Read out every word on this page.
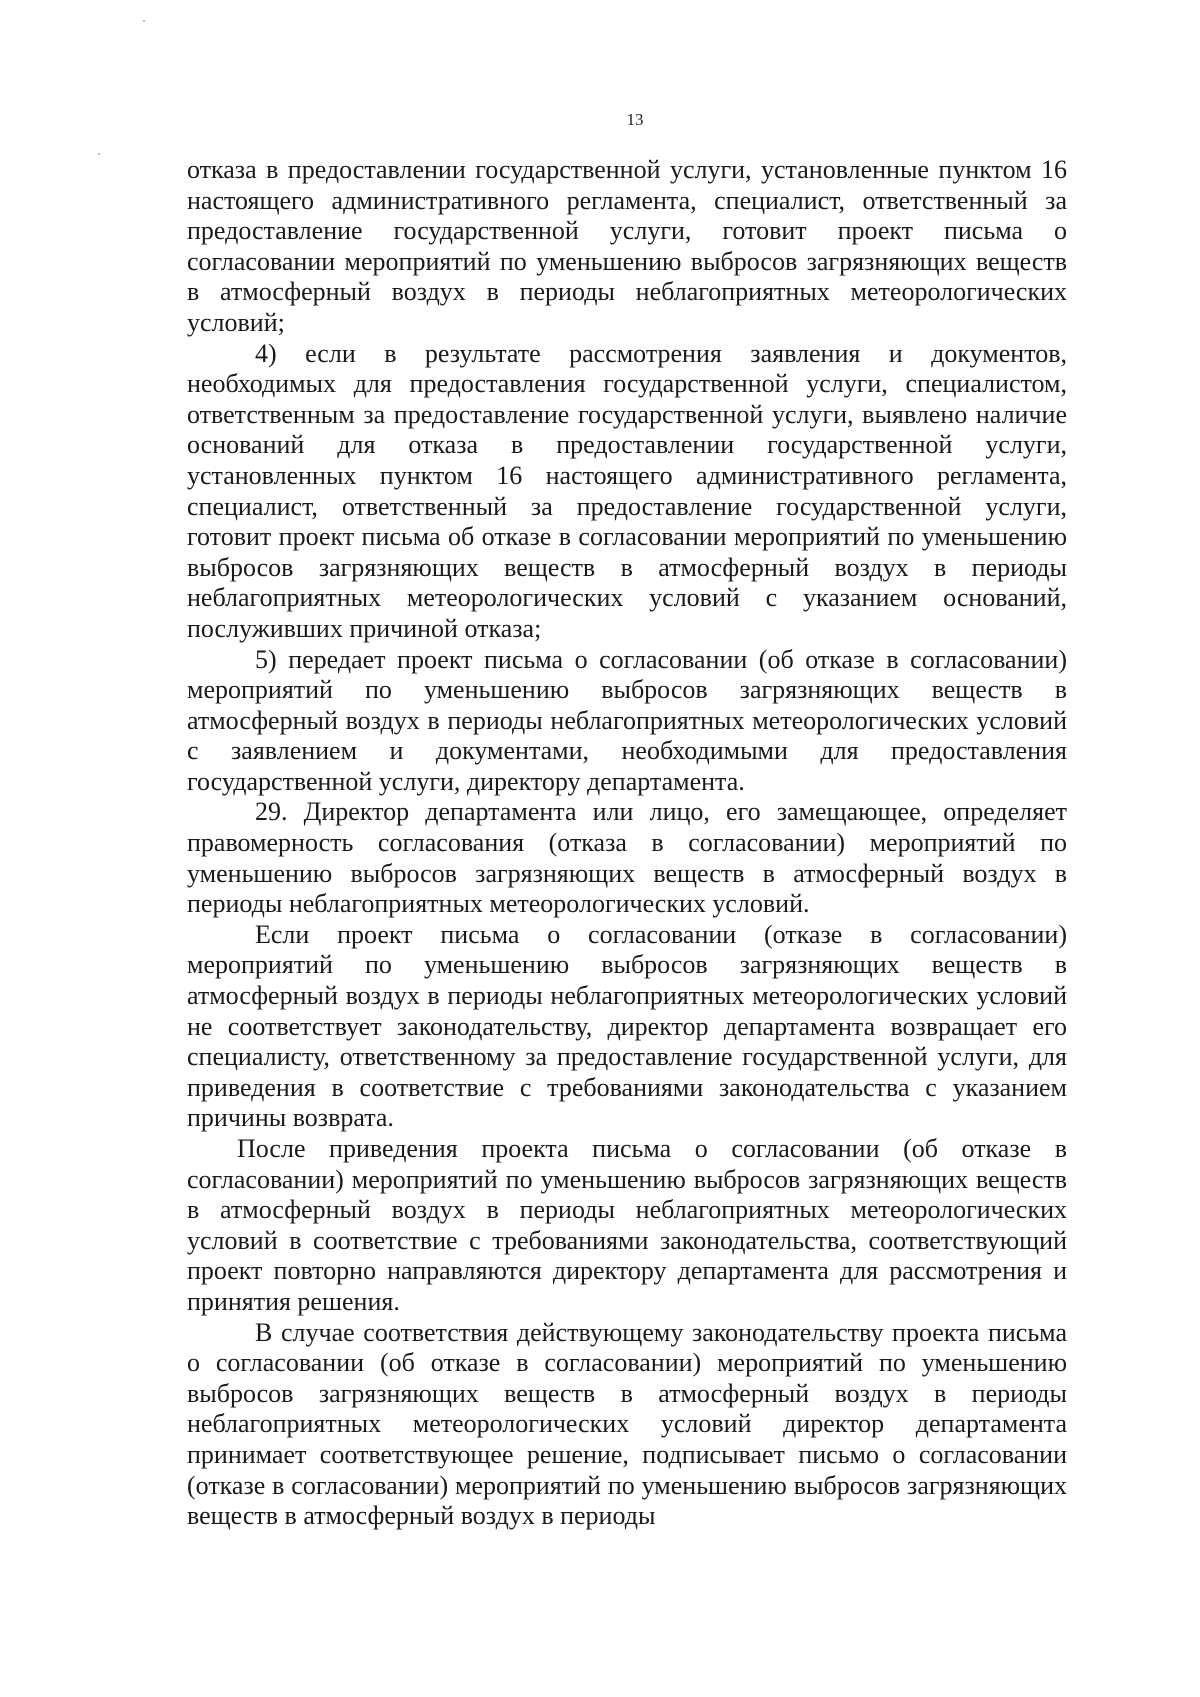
13

отказа в предоставлении государственной услуги, установленные пунктом 16 настоящего административного регламента, специалист, ответственный за предоставление государственной услуги, готовит проект письма о согласовании мероприятий по уменьшению выбросов загрязняющих веществ в атмосферный воздух в периоды неблагоприятных метеорологических условий;

4) если в результате рассмотрения заявления и документов, необходимых для предоставления государственной услуги, специалистом, ответственным за предоставление государственной услуги, выявлено наличие оснований для отказа в предоставлении государственной услуги, установленных пунктом 16 настоящего административного регламента, специалист, ответственный за предоставление государственной услуги, готовит проект письма об отказе в согласовании мероприятий по уменьшению выбросов загрязняющих веществ в атмосферный воздух в периоды неблагоприятных метеорологических условий с указанием оснований, послуживших причиной отказа;

5) передает проект письма о согласовании (об отказе в согласовании) мероприятий по уменьшению выбросов загрязняющих веществ в атмосферный воздух в периоды неблагоприятных метеорологических условий с заявлением и документами, необходимыми для предоставления государственной услуги, директору департамента.

29. Директор департамента или лицо, его замещающее, определяет правомерность согласования (отказа в согласовании) мероприятий по уменьшению выбросов загрязняющих веществ в атмосферный воздух в периоды неблагоприятных метеорологических условий.

Если проект письма о согласовании (отказе в согласовании) мероприятий по уменьшению выбросов загрязняющих веществ в атмосферный воздух в периоды неблагоприятных метеорологических условий не соответствует законодательству, директор департамента возвращает его специалисту, ответственному за предоставление государственной услуги, для приведения в соответствие с требованиями законодательства с указанием причины возврата.

После приведения проекта письма о согласовании (об отказе в согласовании) мероприятий по уменьшению выбросов загрязняющих веществ в атмосферный воздух в периоды неблагоприятных метеорологических условий в соответствие с требованиями законодательства, соответствующий проект повторно направляются директору департамента для рассмотрения и принятия решения.

В случае соответствия действующему законодательству проекта письма о согласовании (об отказе в согласовании) мероприятий по уменьшению выбросов загрязняющих веществ в атмосферный воздух в периоды неблагоприятных метеорологических условий директор департамента принимает соответствующее решение, подписывает письмо о согласовании (отказе в согласовании) мероприятий по уменьшению выбросов загрязняющих веществ в атмосферный воздух в периоды
